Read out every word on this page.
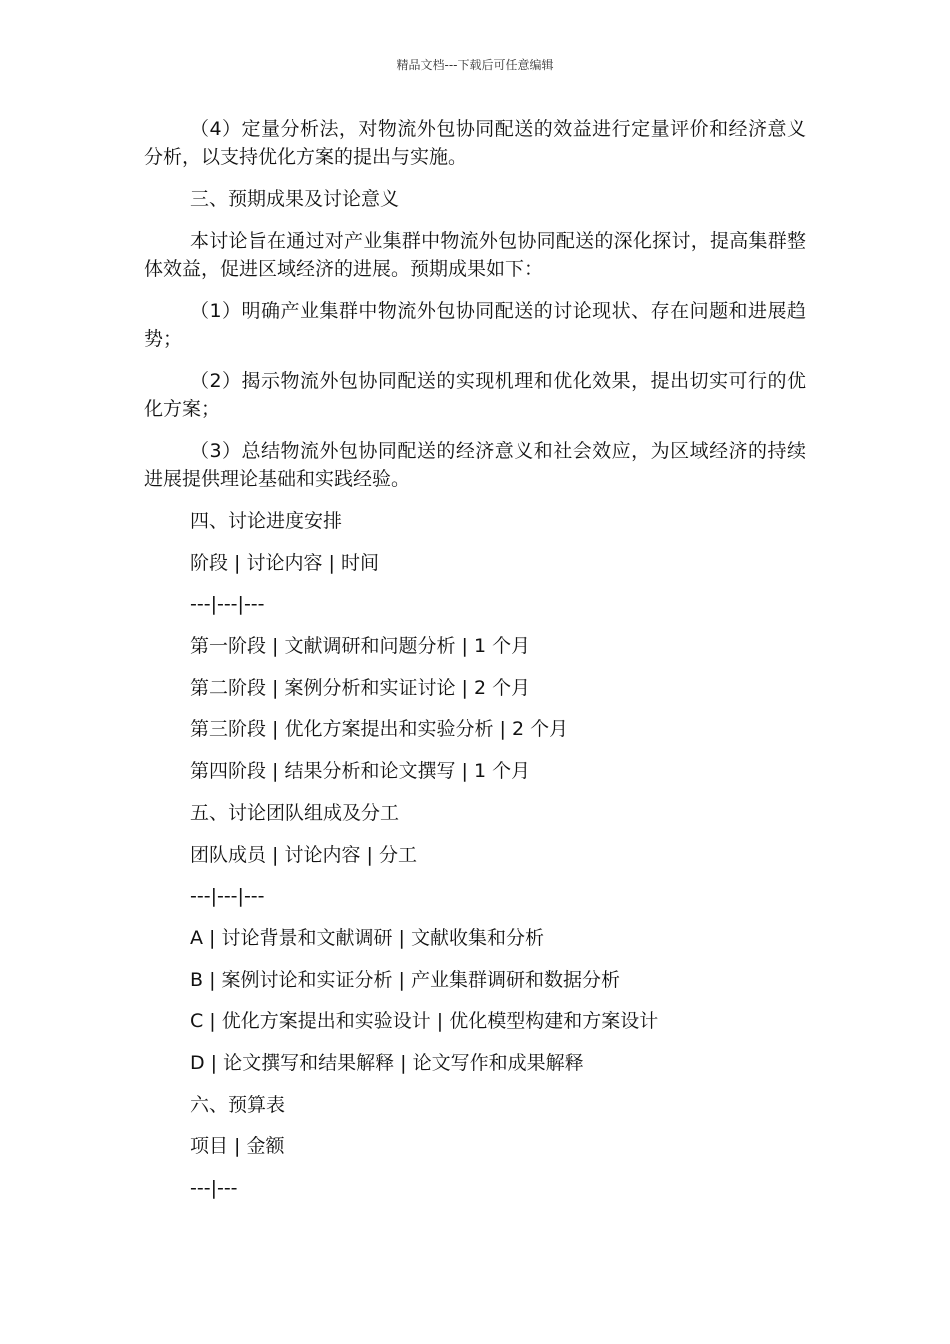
精品文档---下载后可任意编辑

（4）定量分析法，对物流外包协同配送的效益进行定量评价和经济意义分析，以支持优化方案的提出与实施。

三、预期成果及讨论意义

本讨论旨在通过对产业集群中物流外包协同配送的深化探讨，提高集群整体效益，促进区域经济的进展。预期成果如下：

（1）明确产业集群中物流外包协同配送的讨论现状、存在问题和进展趋势；

（2）揭示物流外包协同配送的实现机理和优化效果，提出切实可行的优化方案；

（3）总结物流外包协同配送的经济意义和社会效应，为区域经济的持续进展提供理论基础和实践经验。

四、讨论进度安排
阶段 | 讨论内容 | 时间
---|---|---
第一阶段 | 文献调研和问题分析 | 1 个月
第二阶段 | 案例分析和实证讨论 | 2 个月
第三阶段 | 优化方案提出和实验分析 | 2 个月
第四阶段 | 结果分析和论文撰写 | 1 个月
五、讨论团队组成及分工
团队成员 | 讨论内容 | 分工
---|---|---
A | 讨论背景和文献调研 | 文献收集和分析
B | 案例讨论和实证分析 | 产业集群调研和数据分析
C | 优化方案提出和实验设计 | 优化模型构建和方案设计
D | 论文撰写和结果解释 | 论文写作和成果解释
六、预算表
项目 | 金额
---|---
